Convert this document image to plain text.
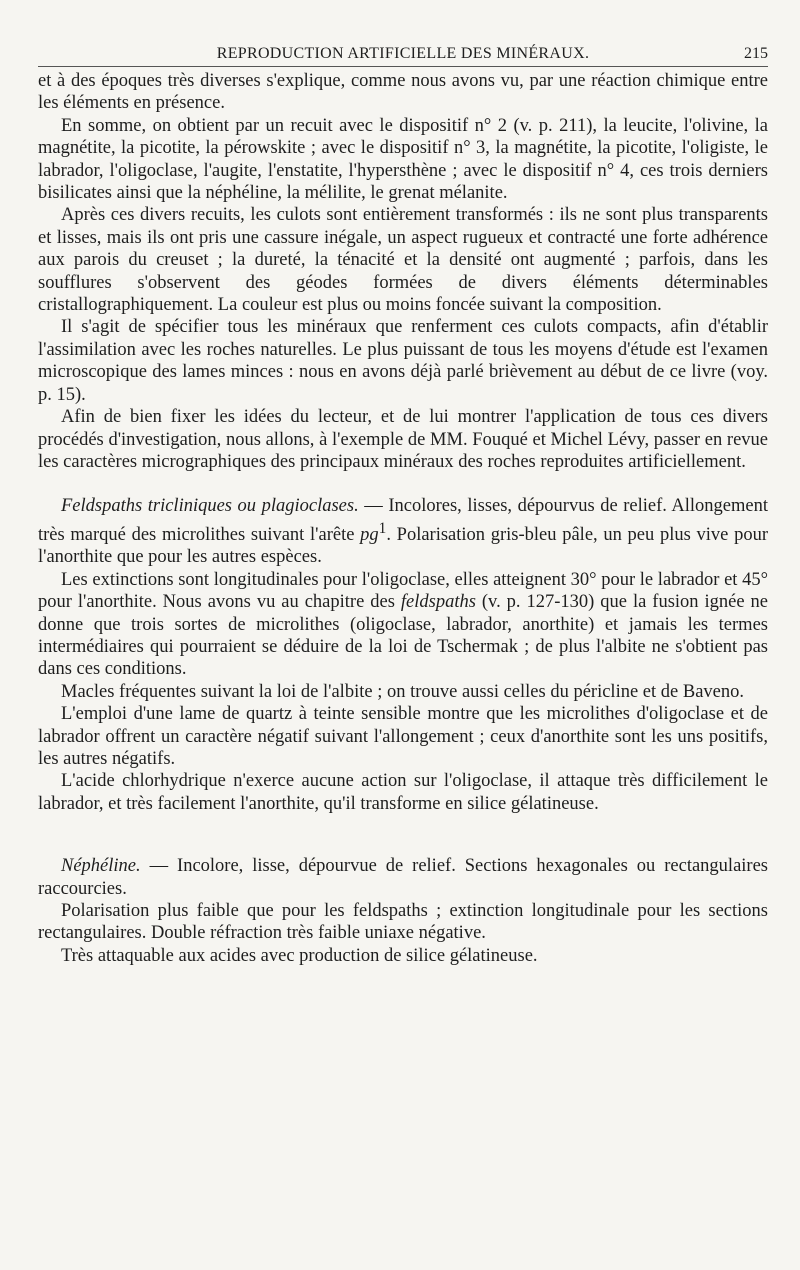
REPRODUCTION ARTIFICIELLE DES MINÉRAUX.	215

et à des époques très diverses s'explique, comme nous avons vu, par une réaction chimique entre les éléments en présence.

En somme, on obtient par un recuit avec le dispositif n° 2 (v. p. 211), la leucite, l'olivine, la magnétite, la picotite, la pérowskite ; avec le dispositif n° 3, la magnétite, la picotite, l'oligiste, le labrador, l'oligoclase, l'augite, l'enstatite, l'hypersthène ; avec le dispositif n° 4, ces trois derniers bisilicates ainsi que la néphéline, la mélilite, le grenat mélanite.

Après ces divers recuits, les culots sont entièrement transformés : ils ne sont plus transparents et lisses, mais ils ont pris une cassure inégale, un aspect rugueux et contracté une forte adhérence aux parois du creuset ; la dureté, la ténacité et la densité ont augmenté ; parfois, dans les soufflures s'observent des géodes formées de divers éléments déterminables cristallographiquement. La couleur est plus ou moins foncée suivant la composition.

Il s'agit de spécifier tous les minéraux que renferment ces culots compacts, afin d'établir l'assimilation avec les roches naturelles. Le plus puissant de tous les moyens d'étude est l'examen microscopique des lames minces : nous en avons déjà parlé brièvement au début de ce livre (voy. p. 15).

Afin de bien fixer les idées du lecteur, et de lui montrer l'application de tous ces divers procédés d'investigation, nous allons, à l'exemple de MM. Fouqué et Michel Lévy, passer en revue les caractères micrographiques des principaux minéraux des roches reproduites artificiellement.

Feldspaths tricliniques ou plagioclases. — Incolores, lisses, dépourvus de relief. Allongement très marqué des microlithes suivant l'arête $pg^1$. Polarisation gris-bleu pâle, un peu plus vive pour l'anorthite que pour les autres espèces.

Les extinctions sont longitudinales pour l'oligoclase, elles atteignent 30° pour le labrador et 45° pour l'anorthite. Nous avons vu au chapitre des feldspaths (v. p. 127-130) que la fusion ignée ne donne que trois sortes de microlithes (oligoclase, labrador, anorthite) et jamais les termes intermédiaires qui pourraient se déduire de la loi de Tschermak ; de plus l'albite ne s'obtient pas dans ces conditions.

Macles fréquentes suivant la loi de l'albite ; on trouve aussi celles du péricline et de Baveno.

L'emploi d'une lame de quartz à teinte sensible montre que les microlithes d'oligoclase et de labrador offrent un caractère négatif suivant l'allongement ; ceux d'anorthite sont les uns positifs, les autres négatifs.

L'acide chlorhydrique n'exerce aucune action sur l'oligoclase, il attaque très difficilement le labrador, et très facilement l'anorthite, qu'il transforme en silice gélatineuse.

Néphéline. — Incolore, lisse, dépourvue de relief. Sections hexagonales ou rectangulaires raccourcies.

Polarisation plus faible que pour les feldspaths ; extinction longitudinale pour les sections rectangulaires. Double réfraction très faible uniaxe négative.

Très attaquable aux acides avec production de silice gélatineuse.
